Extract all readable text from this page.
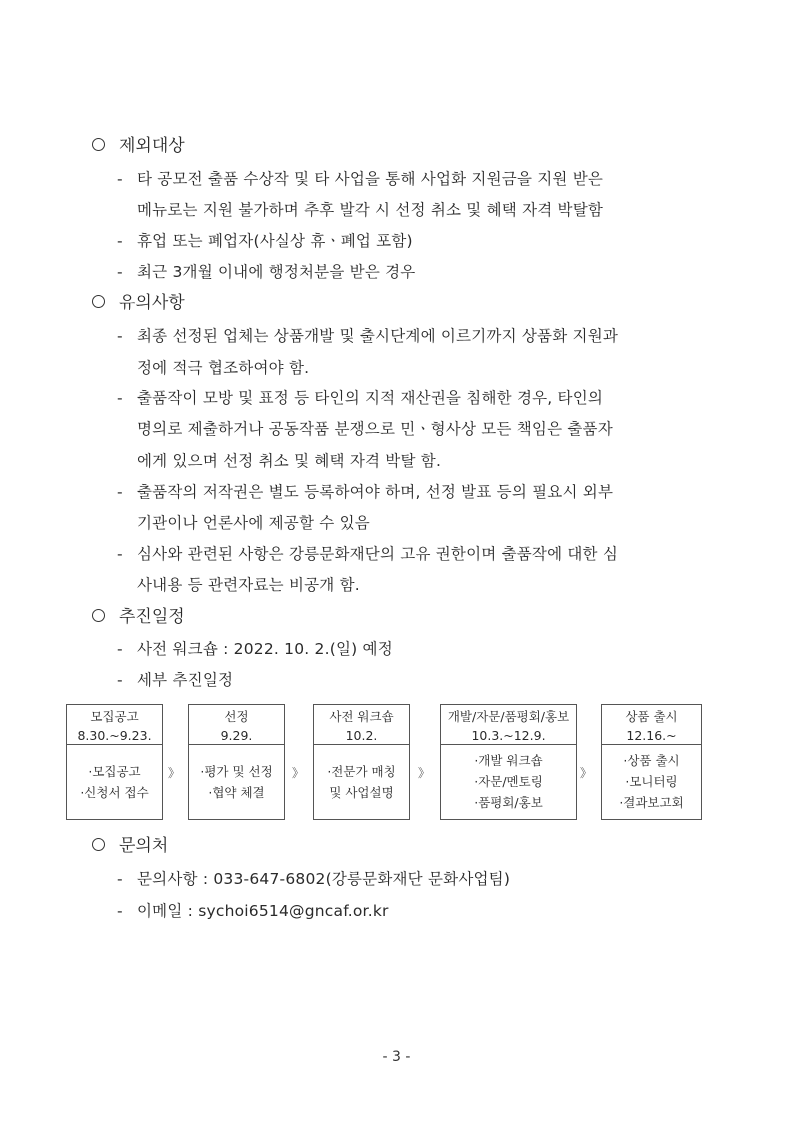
제외대상
- 타 공모전 출품 수상작 및 타 사업을 통해 사업화 지원금을 지원 받은
메뉴로는 지원 불가하며 추후 발각 시 선정 취소 및 혜택 자격 박탈함
- 휴업 또는 폐업자(사실상 휴ㆍ폐업 포함)
- 최근 3개월 이내에 행정처분을 받은 경우
유의사항
- 최종 선정된 업체는 상품개발 및 출시단계에 이르기까지 상품화 지원과
정에 적극 협조하여야 함.
- 출품작이 모방 및 표정 등 타인의 지적 재산권을 침해한 경우, 타인의
명의로 제출하거나 공동작품 분쟁으로 민ㆍ형사상 모든 책임은 출품자
에게 있으며 선정 취소 및 혜택 자격 박탈 함.
- 출품작의 저작권은 별도 등록하여야 하며, 선정 발표 등의 필요시 외부
기관이나 언론사에 제공할 수 있음
- 심사와 관련된 사항은 강릉문화재단의 고유 권한이며 출품작에 대한 심
사내용 등 관련자료는 비공개 함.
추진일정
- 사전 워크숍 : 2022. 10. 2.(일) 예정
- 세부 추진일정
모집공고
8.30.~9.23.
·모집공고
·신청서 접수
》
선정
9.29.
·평가 및 선정
·협약 체결
》
사전 워크숍
10.2.
·전문가 매칭
및 사업설명
》
개발/자문/품평회/홍보
10.3.~12.9.
·개발 워크숍
·자문/멘토링
·품평회/홍보
》
상품 출시
12.16.~
·상품 출시
·모니터링
·결과보고회
문의처
- 문의사항 : 033-647-6802(강릉문화재단 문화사업팀)
- 이메일 : sychoi6514@gncaf.or.kr
- 3 -
